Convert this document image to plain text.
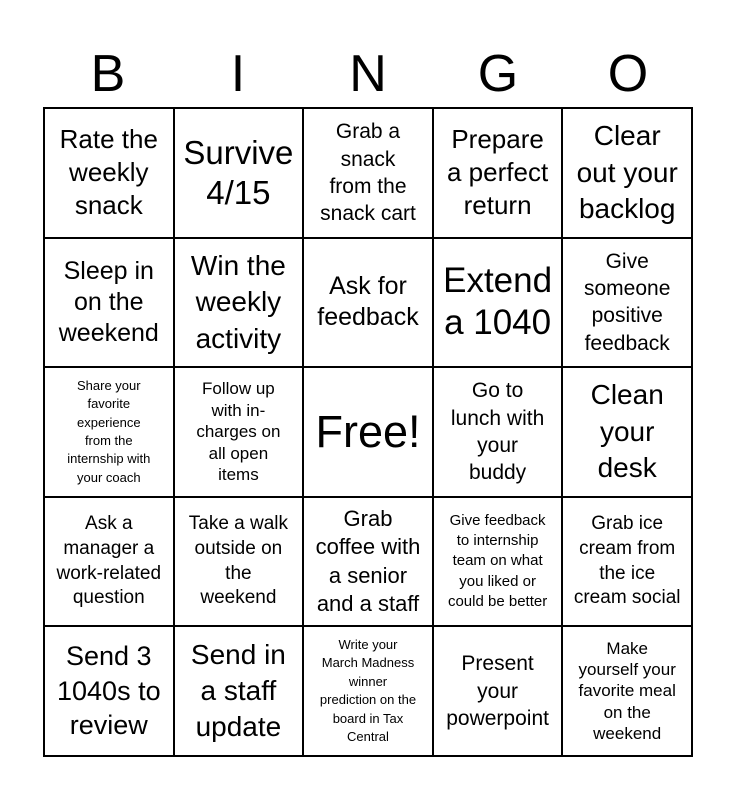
B	I	N	G	O
Rate the
weekly
snack
Survive
4/15
Grab a
snack
from the
snack cart
Prepare
a perfect
return
Clear
out your
backlog
Sleep in
on the
weekend
Win the
weekly
activity
Ask for
feedback
Extend
a 1040
Give
someone
positive
feedback
Share your
favorite
experience
from the
internship with
your coach
Follow up
with in-
charges on
all open
items
Free!
Go to
lunch with
your
buddy
Clean
your
desk
Ask a
manager a
work-related
question
Take a walk
outside on
the
weekend
Grab
coffee with
a senior
and a staff
Give feedback
to internship
team on what
you liked or
could be better
Grab ice
cream from
the ice
cream social
Send 3
1040s to
review
Send in
a staff
update
Write your
March Madness
winner
prediction on the
board in Tax
Central
Present
your
powerpoint
Make
yourself your
favorite meal
on the
weekend
